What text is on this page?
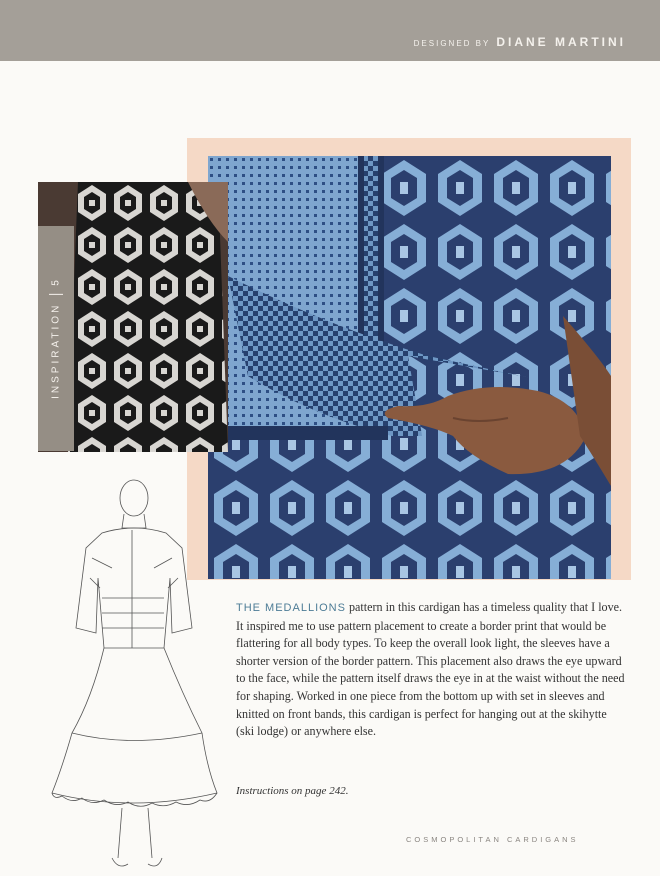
DESIGNED BY DIANE MARTINI
INSPIRATION5
THE MEDALLIONS pattern in this cardigan has a timeless quality that I love. It inspired me to use pattern placement to create a border print that would be flattering for all body types. To keep the overall look light, the sleeves have a shorter version of the border pattern. This placement also draws the eye upward to the face, while the pattern itself draws the eye in at the waist without the need for shaping. Worked in one piece from the bottom up with set in sleeves and knitted on front bands, this cardigan is perfect for hanging out at the skihytte (ski lodge) or anywhere else.
Instructions on page 242.
COSMOPOLITAN CARDIGANS
